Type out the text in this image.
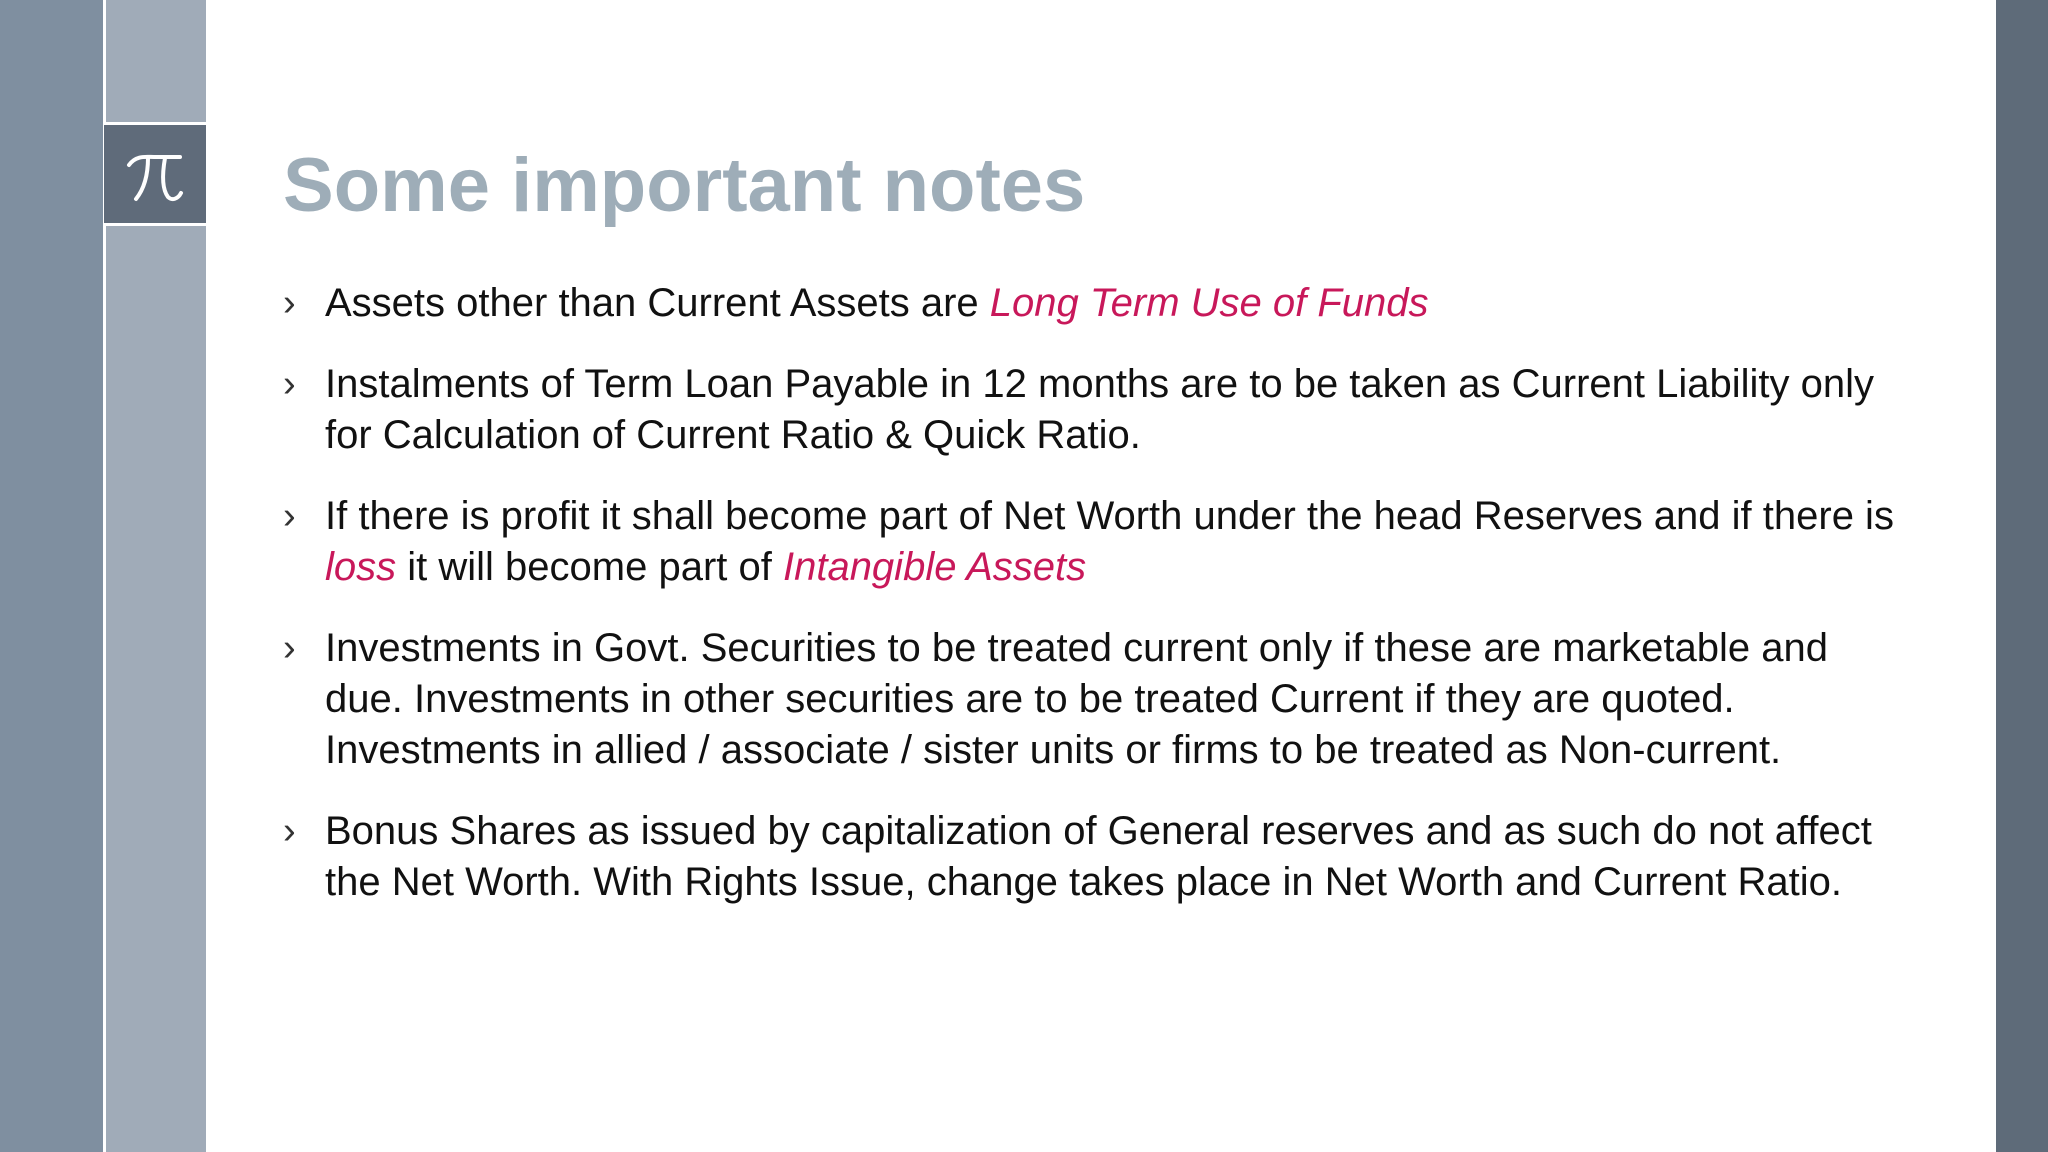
Some important notes
› Assets other than Current Assets are Long Term Use of Funds
› Instalments of Term Loan Payable in 12 months are to be taken as Current Liability only for Calculation of Current Ratio & Quick Ratio.
› If there is profit it shall become part of Net Worth under the head Reserves and if there is loss it will become part of Intangible Assets
› Investments in Govt. Securities to be treated current only if these are marketable and due. Investments in other securities are to be treated Current if they are quoted. Investments in allied / associate / sister units or firms to be treated as Non-current.
› Bonus Shares as issued by capitalization of General reserves and as such do not affect the Net Worth. With Rights Issue, change takes place in Net Worth and Current Ratio.
